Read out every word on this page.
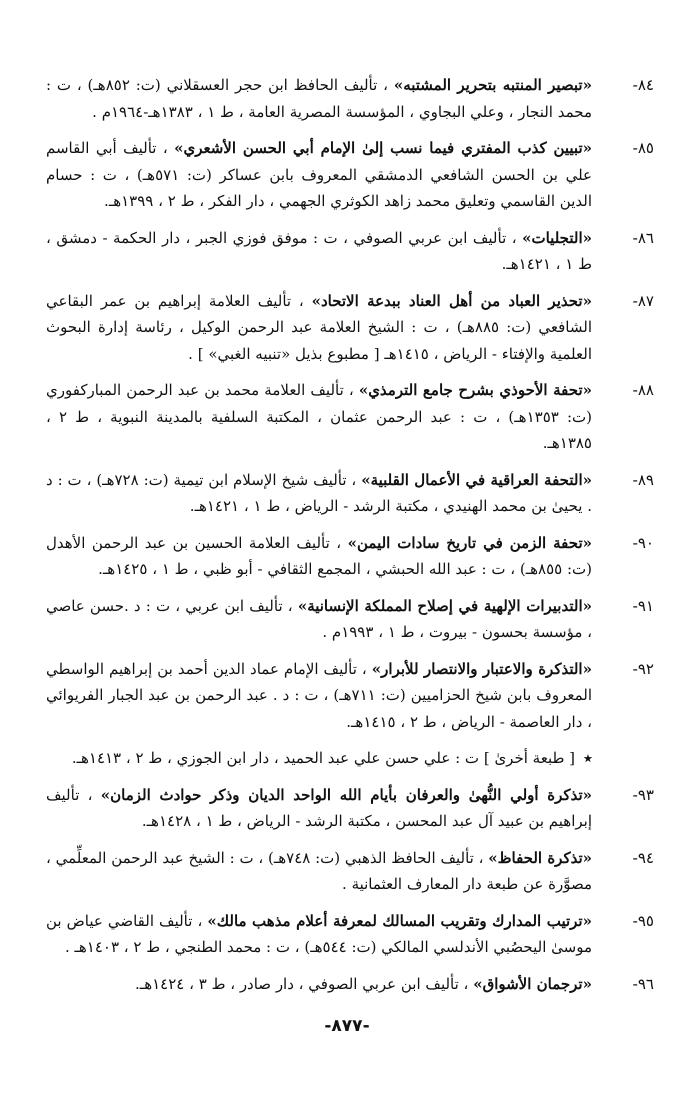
٨٤-
«تبصير المنتبه بتحرير المشتبه» ، تأليف الحافظ ابن حجر العسقلاني (ت: ٨٥٢هـ) ، ت : محمد النجار ، وعلي البجاوي ، المؤسسة المصرية العامة ، ط ١ ، ١٣٨٣هـ-١٩٦٤م .
٨٥-
«تبيين كذب المفتري فيما نسب إلىٰ الإمام أبي الحسن الأشعري» ، تأليف أبي القاسم علي بن الحسن الشافعي الدمشقي المعروف بابن عساكر (ت: ٥٧١هـ) ، ت : حسام الدين القاسمي وتعليق محمد زاهد الكوثري الجهمي ، دار الفكر ، ط ٢ ، ١٣٩٩هـ.
٨٦-
«التجليات» ، تأليف ابن عربي الصوفي ، ت : موفق فوزي الجبر ، دار الحكمة - دمشق ، ط ١ ، ١٤٢١هـ.
٨٧-
«تحذير العباد من أهل العناد ببدعة الاتحاد» ، تأليف العلامة إبراهيم بن عمر البقاعي الشافعي (ت: ٨٨٥هـ) ، ت : الشيخ العلامة عبد الرحمن الوكيل ، رئاسة إدارة البحوث العلمية والإفتاء - الرياض ، ١٤١٥هـ [ مطبوع بذيل «تنبيه الغبي» ] .
٨٨-
«تحفة الأحوذي بشرح جامع الترمذي» ، تأليف العلامة محمد بن عبد الرحمن المباركفوري (ت: ١٣٥٣هـ) ، ت : عبد الرحمن عثمان ، المكتبة السلفية بالمدينة النبوية ، ط ٢ ، ١٣٨٥هـ.
٨٩-
«التحفة العراقية في الأعمال القلبية» ، تأليف شيخ الإسلام ابن تيمية (ت: ٧٢٨هـ) ، ت : د . يحيىٰ بن محمد الهنيدي ، مكتبة الرشد - الرياض ، ط ١ ، ١٤٢١هـ.
٩٠-
«تحفة الزمن في تاريخ سادات اليمن» ، تأليف العلامة الحسين بن عبد الرحمن الأهدل (ت: ٨٥٥هـ) ، ت : عبد الله الحبشي ، المجمع الثقافي - أبو ظبي ، ط ١ ، ١٤٢٥هـ.
٩١-
«التدبيرات الإلهية في إصلاح المملكة الإنسانية» ، تأليف ابن عربي ، ت : د .حسن عاصي ، مؤسسة بحسون - بيروت ، ط ١ ، ١٩٩٣م .
٩٢-
«التذكرة والاعتبار والانتصار للأبرار» ، تأليف الإمام عماد الدين أحمد بن إبراهيم الواسطي المعروف بابن شيخ الحزاميين (ت: ٧١١هـ) ، ت : د . عبد الرحمن بن عبد الجبار الفريوائي ، دار العاصمة - الرياض ، ط ٢ ، ١٤١٥هـ.
٭ [ طبعة أخرىٰ ] ت : علي حسن علي عبد الحميد ، دار ابن الجوزي ، ط ٢ ، ١٤١٣هـ.
٩٣-
«تذكرة أولي النُّهىٰ والعرفان بأيام الله الواحد الديان وذكر حوادث الزمان» ، تأليف إبراهيم بن عبيد آل عبد المحسن ، مكتبة الرشد - الرياض ، ط ١ ، ١٤٢٨هـ.
٩٤-
«تذكرة الحفاظ» ، تأليف الحافظ الذهبي (ت: ٧٤٨هـ) ، ت : الشيخ عبد الرحمن المعلِّمي ، مصوَّرة عن طبعة دار المعارف العثمانية .
٩٥-
«ترتيب المدارك وتقريب المسالك لمعرفة أعلام مذهب مالك» ، تأليف القاضي عياض بن موسىٰ اليحصُبي الأندلسي المالكي (ت: ٥٤٤هـ) ، ت : محمد الطنجي ، ط ٢ ، ١٤٠٣هـ .
٩٦-
«ترجمان الأشواق» ، تأليف ابن عربي الصوفي ، دار صادر ، ط ٣ ، ١٤٢٤هـ.
-٨٧٧-
